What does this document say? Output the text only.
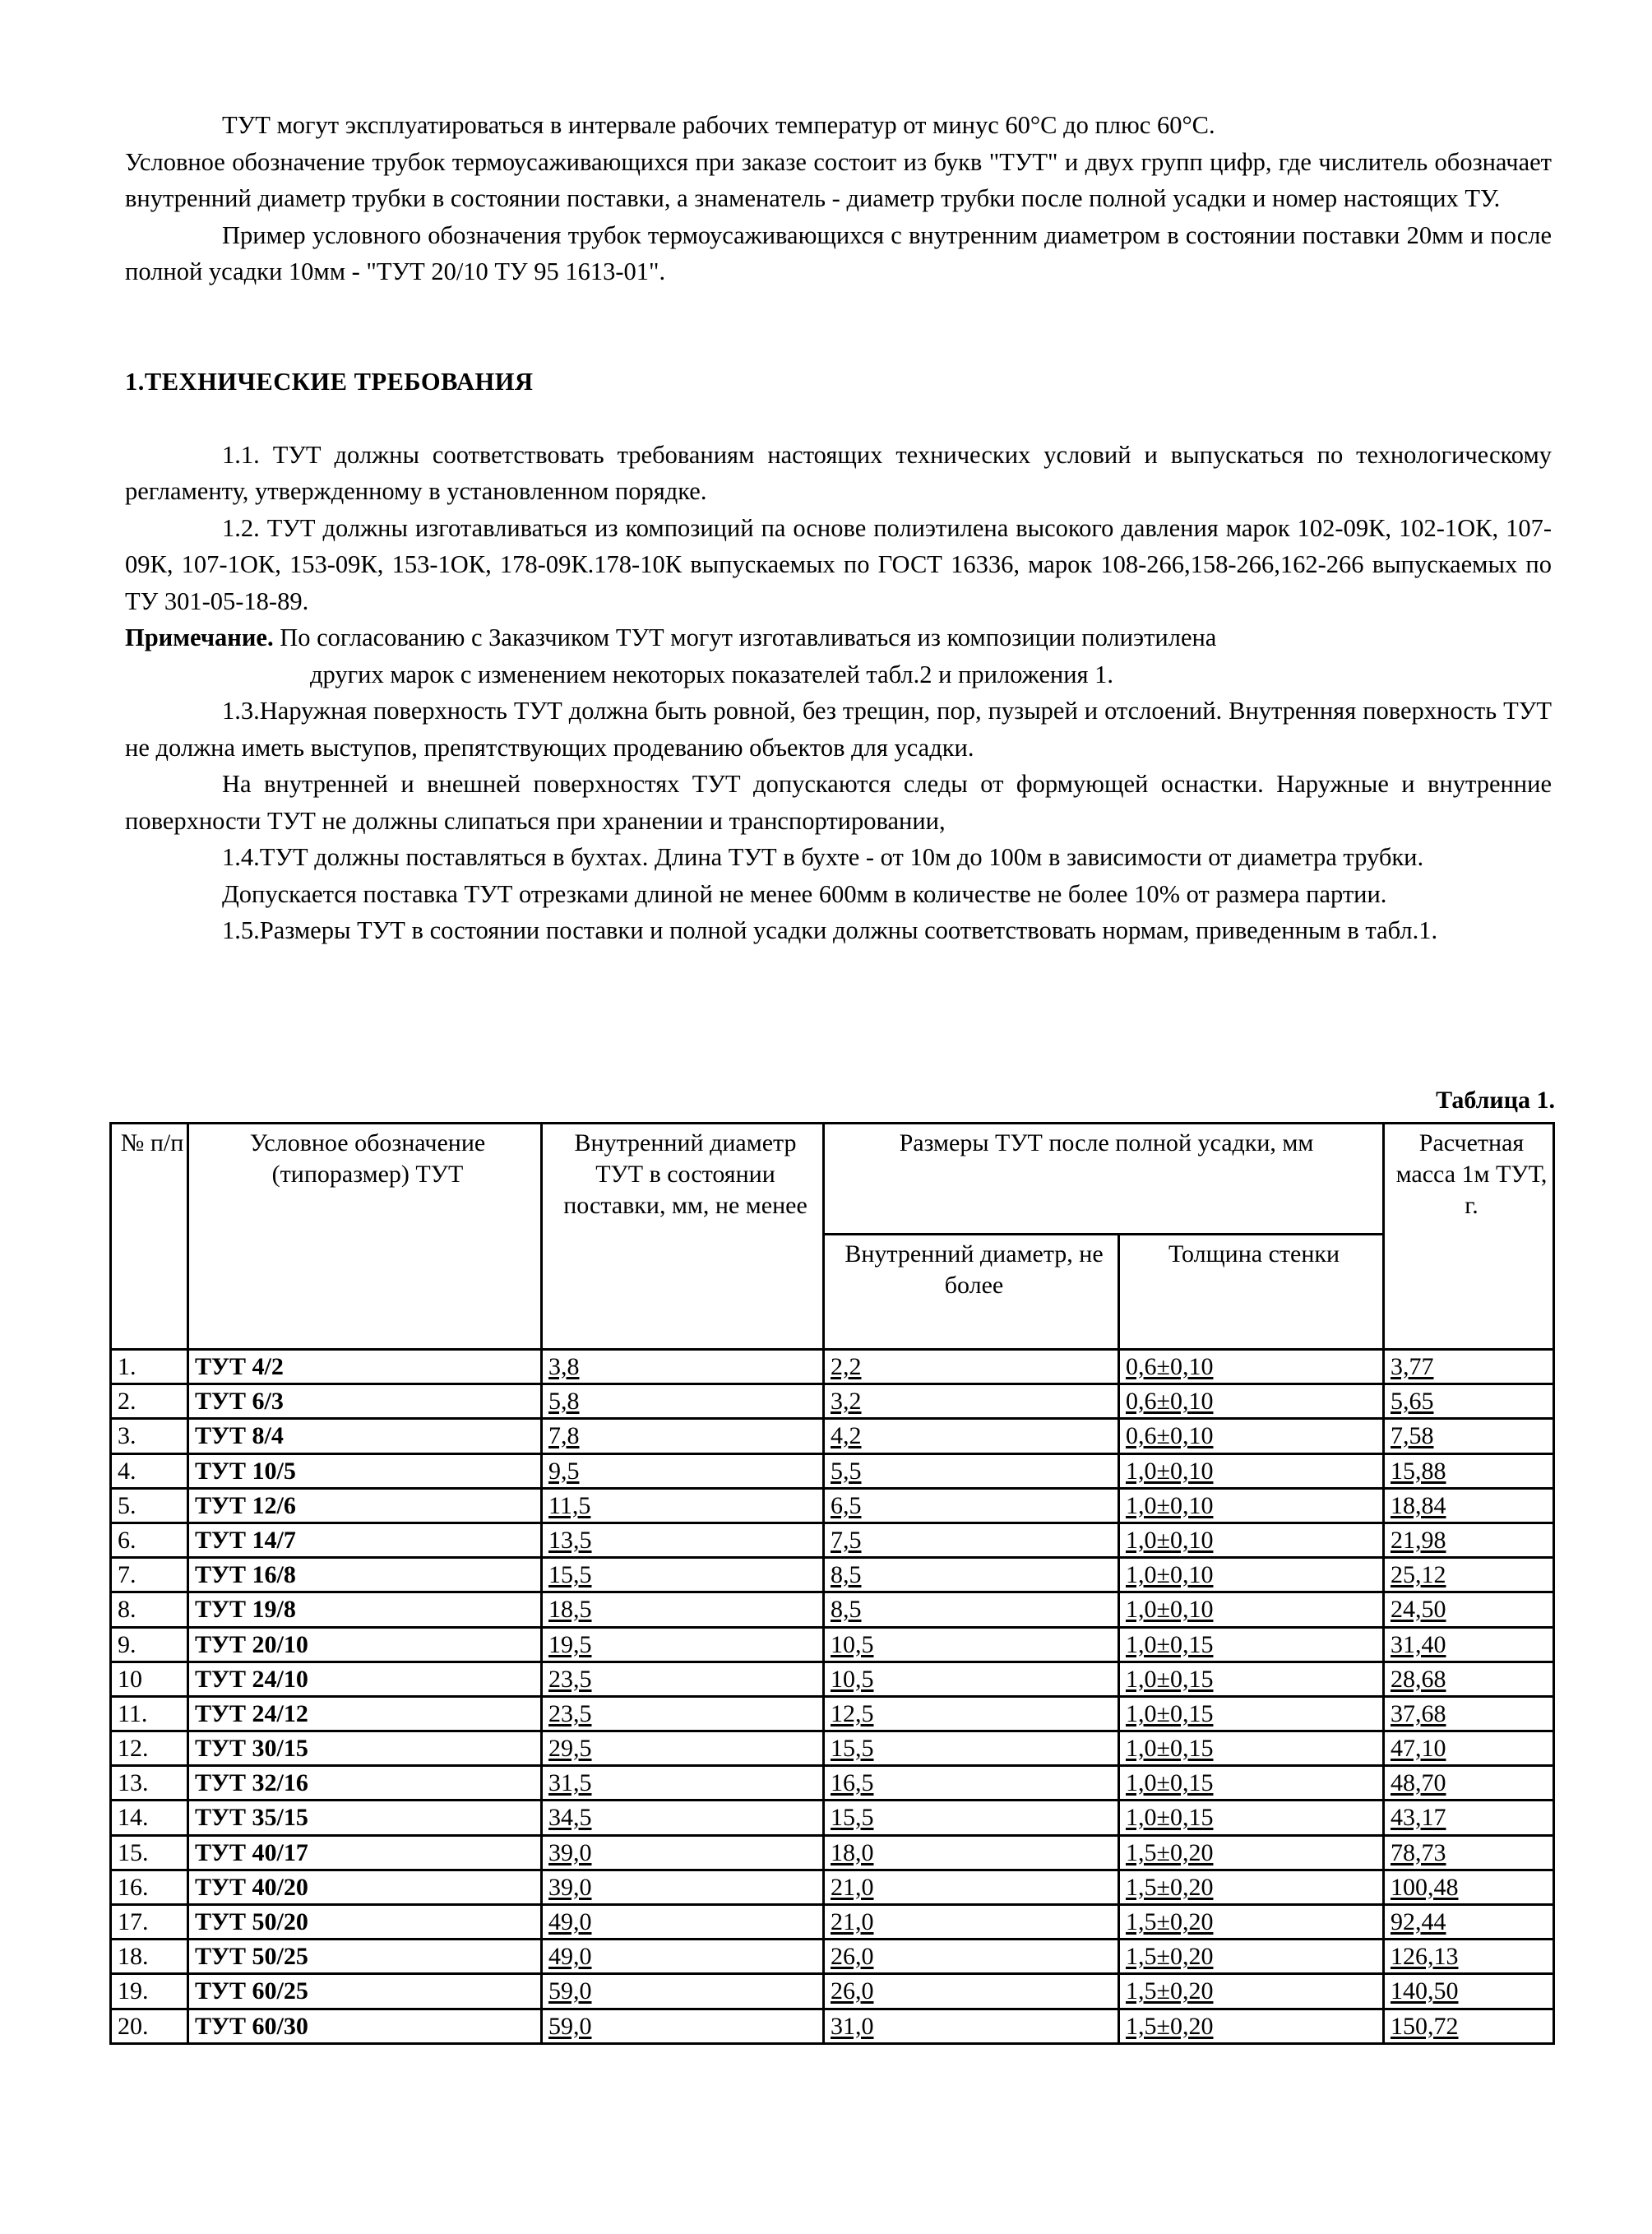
ТУТ могут эксплуатироваться в интервале рабочих температур от минус 60°C до плюс 60°C.

Условное обозначение трубок термоусаживающихся при заказе состоит из букв "ТУТ" и двух групп цифр, где числитель обозначает внутренний диаметр трубки в состоянии поставки, а знаменатель - диаметр трубки после полной усадки и номер настоящих ТУ.

Пример условного обозначения трубок термоусаживающихся с внутренним диаметром в состоянии поставки 20мм и после полной усадки 10мм - "ТУТ 20/10 ТУ 95 1613-01".

1.ТЕХНИЧЕСКИЕ ТРЕБОВАНИЯ

1.1. ТУТ должны соответствовать требованиям настоящих технических условий и выпускаться по технологическому регламенту, утвержденному в установленном порядке.

1.2. ТУТ должны изготавливаться из композиций па основе полиэтилена высокого давления марок 102-09К, 102-1ОК, 107-09К, 107-1ОК, 153-09К, 153-1ОК, 178-09К.178-10К выпускаемых по ГОСТ 16336, марок 108-266,158-266,162-266 выпускаемых по ТУ 301-05-18-89.

Примечание. По согласованию с Заказчиком ТУТ могут изготавливаться из композиции полиэтилена

других марок с изменением некоторых показателей табл.2 и приложения 1.

1.3.Наружная поверхность ТУТ должна быть ровной, без трещин, пор, пузырей и отслоений. Внутренняя поверхность ТУТ не должна иметь выступов, препятствующих продеванию объектов для усадки.

На внутренней и внешней поверхностях ТУТ допускаются следы от формующей оснастки. Наружные и внутренние поверхности ТУТ не должны слипаться при хранении и транспортировании,

1.4.ТУТ должны поставляться в бухтах. Длина ТУТ в бухте - от 10м до 100м в зависимости от диаметра трубки.

Допускается поставка ТУТ отрезками длиной не менее 600мм в количестве не более 10% от размера партии.

1.5.Размеры ТУТ в состоянии поставки и полной усадки должны соответствовать нормам, приведенным в табл.1.

Таблица 1.
№ п/п	Условное обозначение (типоразмер) ТУТ	Внутренний диаметр ТУТ в состоянии поставки, мм, не менее	Размеры ТУТ после полной усадки, мм		Расчетная масса 1м ТУТ, г.
			Внутренний диаметр, не более	Толщина стенки	
1.	ТУТ 4/2	3,8	2,2	0,6±0,10	3,77
2.	ТУТ 6/3	5,8	3,2	0,6±0,10	5,65
3.	ТУТ 8/4	7,8	4,2	0,6±0,10	7,58
4.	ТУТ 10/5	9,5	5,5	1,0±0,10	15,88
5.	ТУТ 12/6	11,5	6,5	1,0±0,10	18,84
6.	ТУТ 14/7	13,5	7,5	1,0±0,10	21,98
7.	ТУТ 16/8	15,5	8,5	1,0±0,10	25,12
8.	ТУТ 19/8	18,5	8,5	1,0±0,10	24,50
9.	ТУТ 20/10	19,5	10,5	1,0±0,15	31,40
10	ТУТ 24/10	23,5	10,5	1,0±0,15	28,68
11.	ТУТ 24/12	23,5	12,5	1,0±0,15	37,68
12.	ТУТ 30/15	29,5	15,5	1,0±0,15	47,10
13.	ТУТ 32/16	31,5	16,5	1,0±0,15	48,70
14.	ТУТ 35/15	34,5	15,5	1,0±0,15	43,17
15.	ТУТ 40/17	39,0	18,0	1,5±0,20	78,73
16.	ТУТ 40/20	39,0	21,0	1,5±0,20	100,48
17.	ТУТ 50/20	49,0	21,0	1,5±0,20	92,44
18.	ТУТ 50/25	49,0	26,0	1,5±0,20	126,13
19.	ТУТ 60/25	59,0	26,0	1,5±0,20	140,50
20.	ТУТ 60/30	59,0	31,0	1,5±0,20	150,72
